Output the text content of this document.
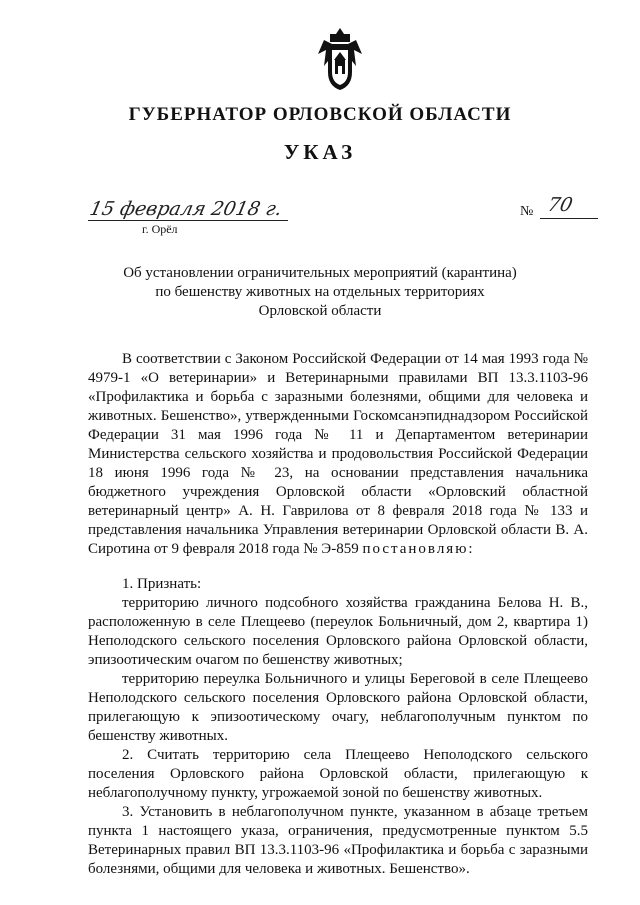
ГУБЕРНАТОР ОРЛОВСКОЙ ОБЛАСТИ
УКАЗ
15 февраля 2018 г.
г. Орёл
№ 70
Об установлении ограничительных мероприятий (карантина)
по бешенству животных на отдельных территориях
Орловской области

В соответствии с Законом Российской Федерации от 14 мая 1993 года № 4979-1 «О ветеринарии» и Ветеринарными правилами ВП 13.3.1103-96 «Профилактика и борьба с заразными болезнями, общими для человека и животных. Бешенство», утвержденными Госкомсанэпиднадзором Российской Федерации 31 мая 1996 года № 11 и Департаментом ветеринарии Министерства сельского хозяйства и продовольствия Российской Федерации 18 июня 1996 года № 23, на основании представления начальника бюджетного учреждения Орловской области «Орловский областной ветеринарный центр» А. Н. Гаврилова от 8 февраля 2018 года № 133 и представления начальника Управления ветеринарии Орловской области В. А. Сиротина от 9 февраля 2018 года № Э-859 постановляю:

1. Признать:

территорию личного подсобного хозяйства гражданина Белова Н. В., расположенную в селе Плещеево (переулок Больничный, дом 2, квартира 1) Неполодского сельского поселения Орловского района Орловской области, эпизоотическим очагом по бешенству животных;

территорию переулка Больничного и улицы Береговой в селе Плещеево Неполодского сельского поселения Орловского района Орловской области, прилегающую к эпизоотическому очагу, неблагополучным пунктом по бешенству животных.

2. Считать территорию села Плещеево Неполодского сельского поселения Орловского района Орловской области, прилегающую к неблагополучному пункту, угрожаемой зоной по бешенству животных.

3. Установить в неблагополучном пункте, указанном в абзаце третьем пункта 1 настоящего указа, ограничения, предусмотренные пунктом 5.5 Ветеринарных правил ВП 13.3.1103-96 «Профилактика и борьба с заразными болезнями, общими для человека и животных. Бешенство».
